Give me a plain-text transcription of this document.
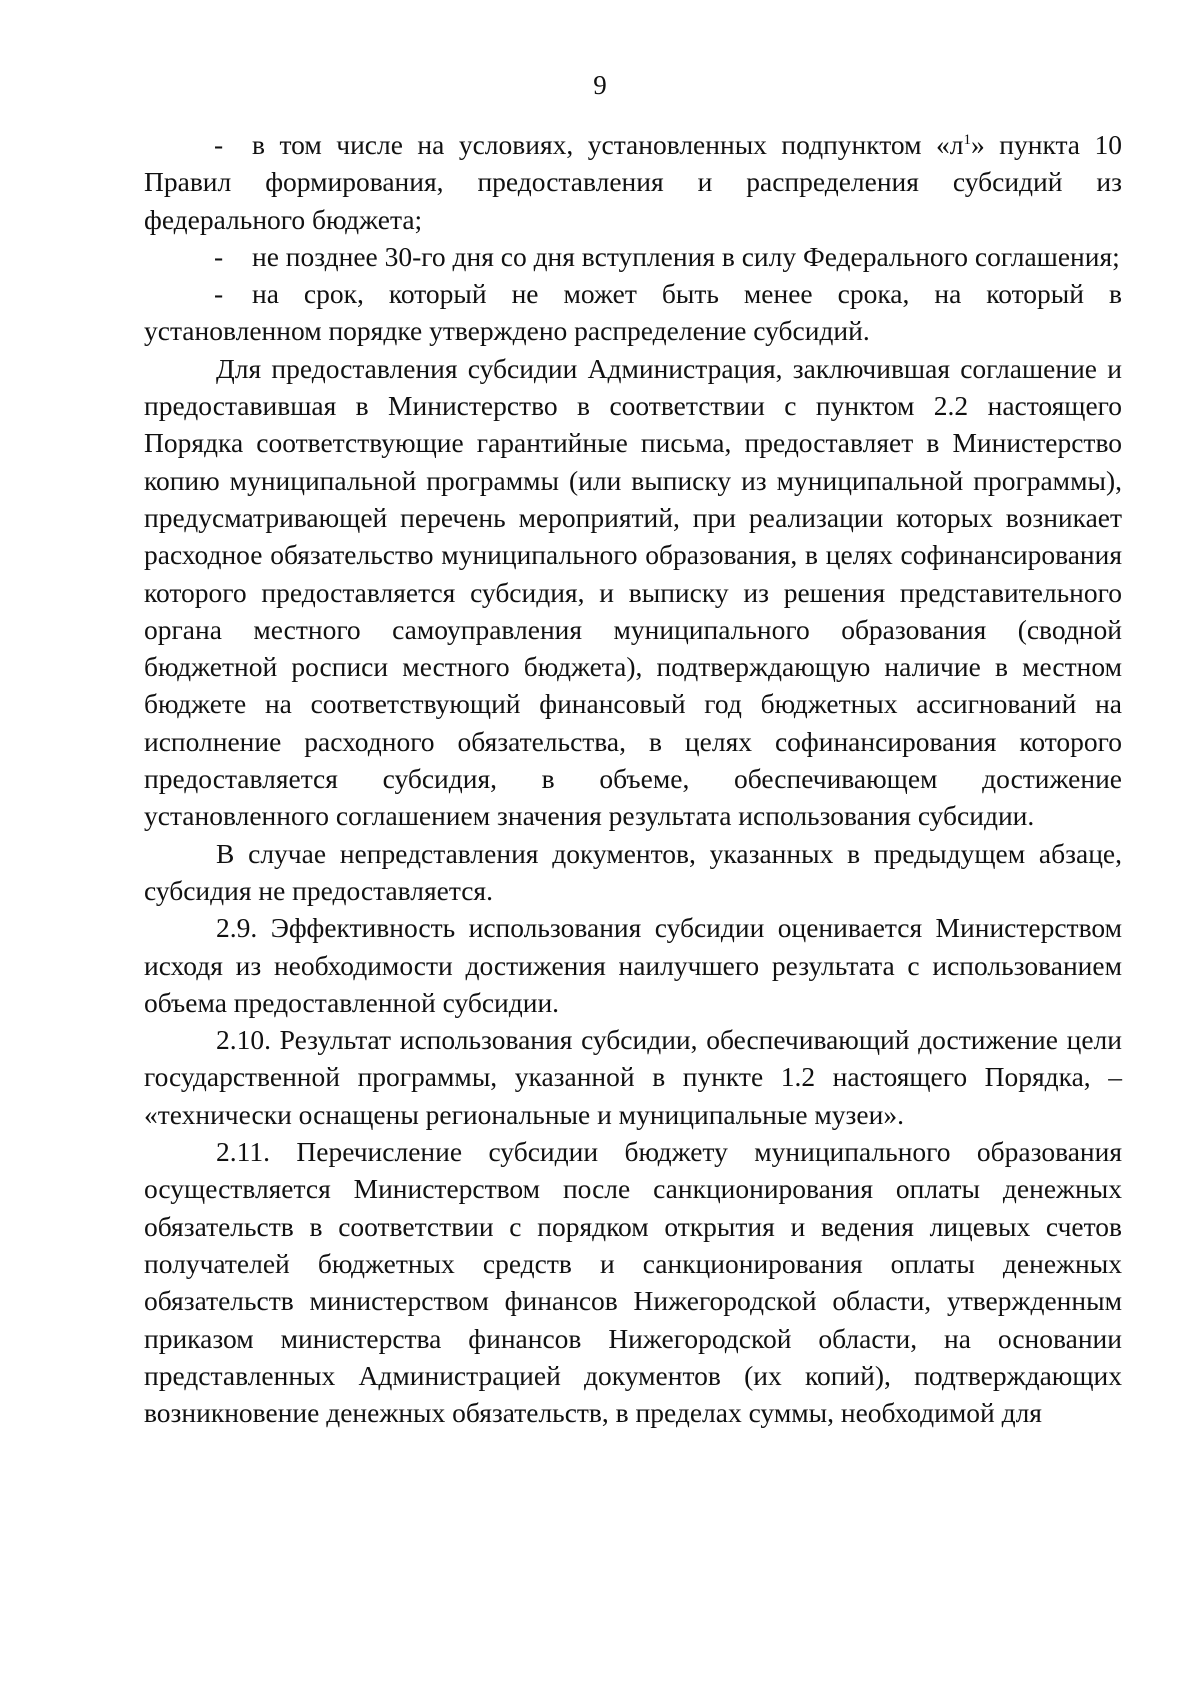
9

- в том числе на условиях, установленных подпунктом «$л^1$» пункта 10 Правил формирования, предоставления и распределения субсидий из федерального бюджета;

- не позднее 30-го дня со дня вступления в силу Федерального соглашения;

- на срок, который не может быть менее срока, на который в установленном порядке утверждено распределение субсидий.

Для предоставления субсидии Администрация, заключившая соглашение и предоставившая в Министерство в соответствии с пунктом 2.2 настоящего Порядка соответствующие гарантийные письма, предоставляет в Министерство копию муниципальной программы (или выписку из муниципальной программы), предусматривающей перечень мероприятий, при реализации которых возникает расходное обязательство муниципального образования, в целях софинансирования которого предоставляется субсидия, и выписку из решения представительного органа местного самоуправления муниципального образования (сводной бюджетной росписи местного бюджета), подтверждающую наличие в местном бюджете на соответствующий финансовый год бюджетных ассигнований на исполнение расходного обязательства, в целях софинансирования которого предоставляется субсидия, в объеме, обеспечивающем достижение установленного соглашением значения результата использования субсидии.

В случае непредставления документов, указанных в предыдущем абзаце, субсидия не предоставляется.

2.9. Эффективность использования субсидии оценивается Министерством исходя из необходимости достижения наилучшего результата с использованием объема предоставленной субсидии.

2.10. Результат использования субсидии, обеспечивающий достижение цели государственной программы, указанной в пункте 1.2 настоящего Порядка, – «технически оснащены региональные и муниципальные музеи».

2.11. Перечисление субсидии бюджету муниципального образования осуществляется Министерством после санкционирования оплаты денежных обязательств в соответствии с порядком открытия и ведения лицевых счетов получателей бюджетных средств и санкционирования оплаты денежных обязательств министерством финансов Нижегородской области, утвержденным приказом министерства финансов Нижегородской области, на основании представленных Администрацией документов (их копий), подтверждающих возникновение денежных обязательств, в пределах суммы, необходимой для
